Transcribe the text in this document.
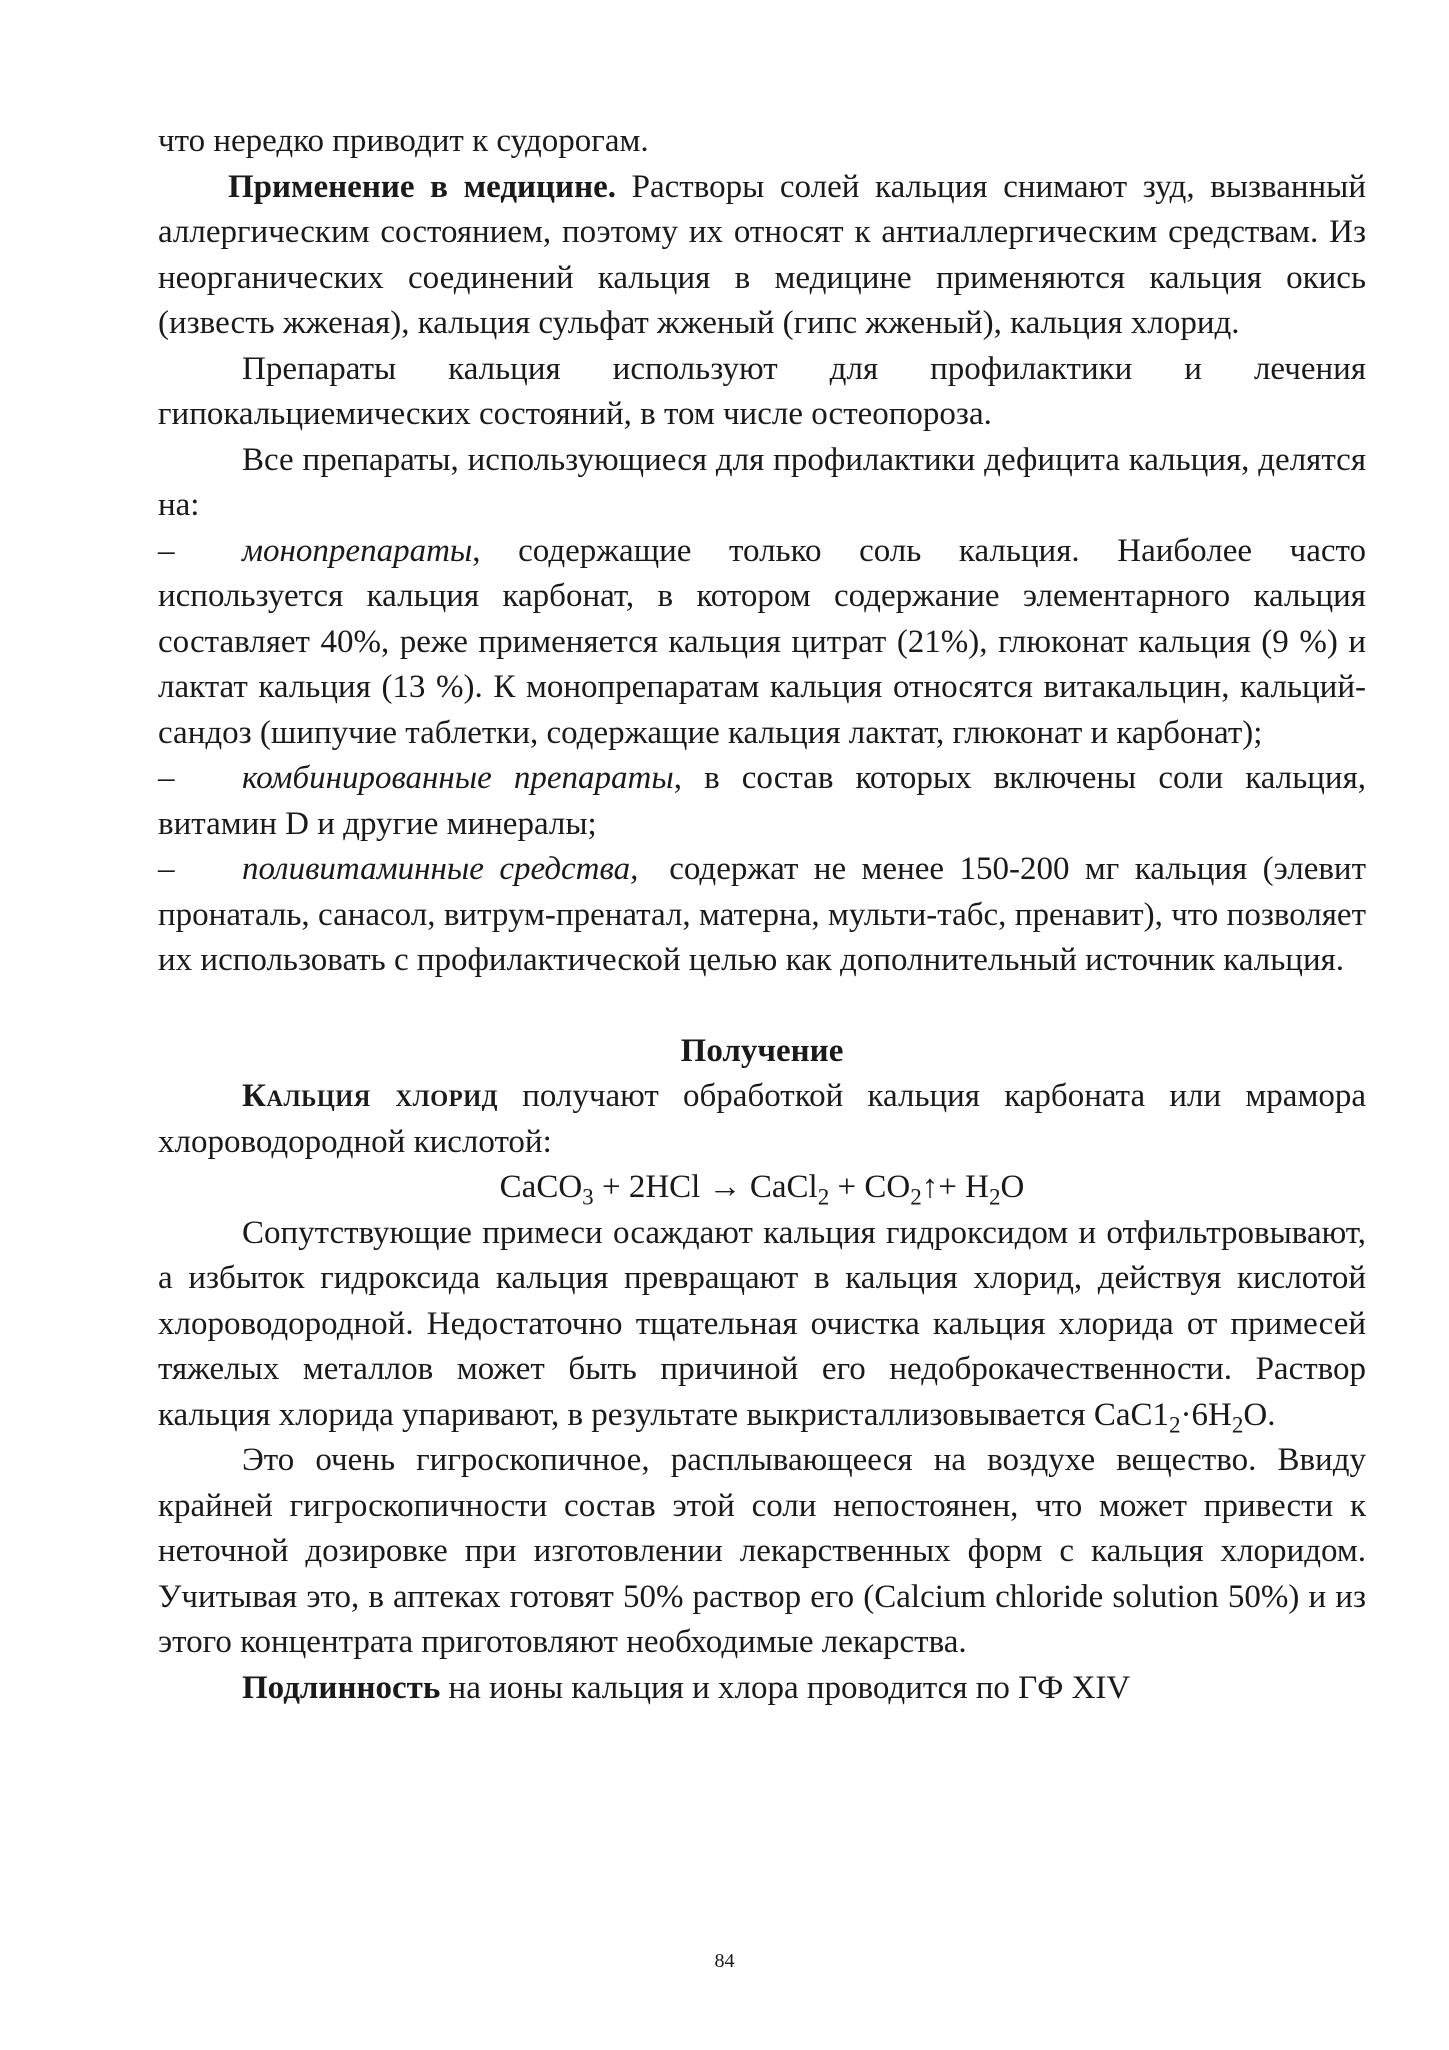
что нередко приводит к судорогам.

Применение в медицине. Растворы солей кальция снимают зуд, вызванный аллергическим состоянием, поэтому их относят к антиаллергическим средствам. Из неорганических соединений кальция в медицине применяются кальция окись (известь жженая), кальция сульфат жженый (гипс жженый), кальция хлорид.

Препараты кальция используют для профилактики и лечения гипокальциемических состояний, в том числе остеопороза.

Все препараты, использующиеся для профилактики дефицита кальция, делятся на:

– монопрепараты, содержащие только соль кальция. Наиболее часто используется кальция карбонат, в котором содержание элементарного кальция составляет 40%, реже применяется кальция цитрат (21%), глюконат кальция (9 %) и лактат кальция (13 %). К монопрепаратам кальция относятся витакальцин, кальций-сандоз (шипучие таблетки, содержащие кальция лактат, глюконат и карбонат);

– комбинированные препараты, в состав которых включены соли кальция, витамин D и другие минералы;

– поливитаминные средства,  содержат не менее 150-200 мг кальция (элевит пронаталь, санасол, витрум-пренатал, матерна, мульти-табс, пренавит), что позволяет их использовать с профилактической целью как дополнительный источник кальция.

Получение

Кальция хлорид получают обработкой кальция карбоната или мрамора хлороводородной кислотой:

CaCO$_3$ + 2HCl → CaCl$_2$ + $CO_2↑+ H_2O$

Сопутствующие примеси осаждают кальция гидроксидом и отфильтровывают, а избыток гидроксида кальция превращают в кальция хлорид, действуя кислотой хлороводородной. Недостаточно тщательная очистка кальция хлорида от примесей тяжелых металлов может быть причиной его недоброкачественности. Раствор кальция хлорида упаривают, в результате выкристаллизовывается $CaC1_2\cdot 6H_2O$.

Это очень гигроскопичное, расплывающееся на воздухе вещество. Ввиду крайней гигроскопичности состав этой соли непостоянен, что может привести к неточной дозировке при изготовлении лекарственных форм с кальция хлоридом. Учитывая это, в аптеках готовят 50% раствор его (Calcium chloride solution 50%) и из этого концентрата приготовляют необходимые лекарства.

Подлинность на ионы кальция и хлора проводится по ГФ XIV

84
